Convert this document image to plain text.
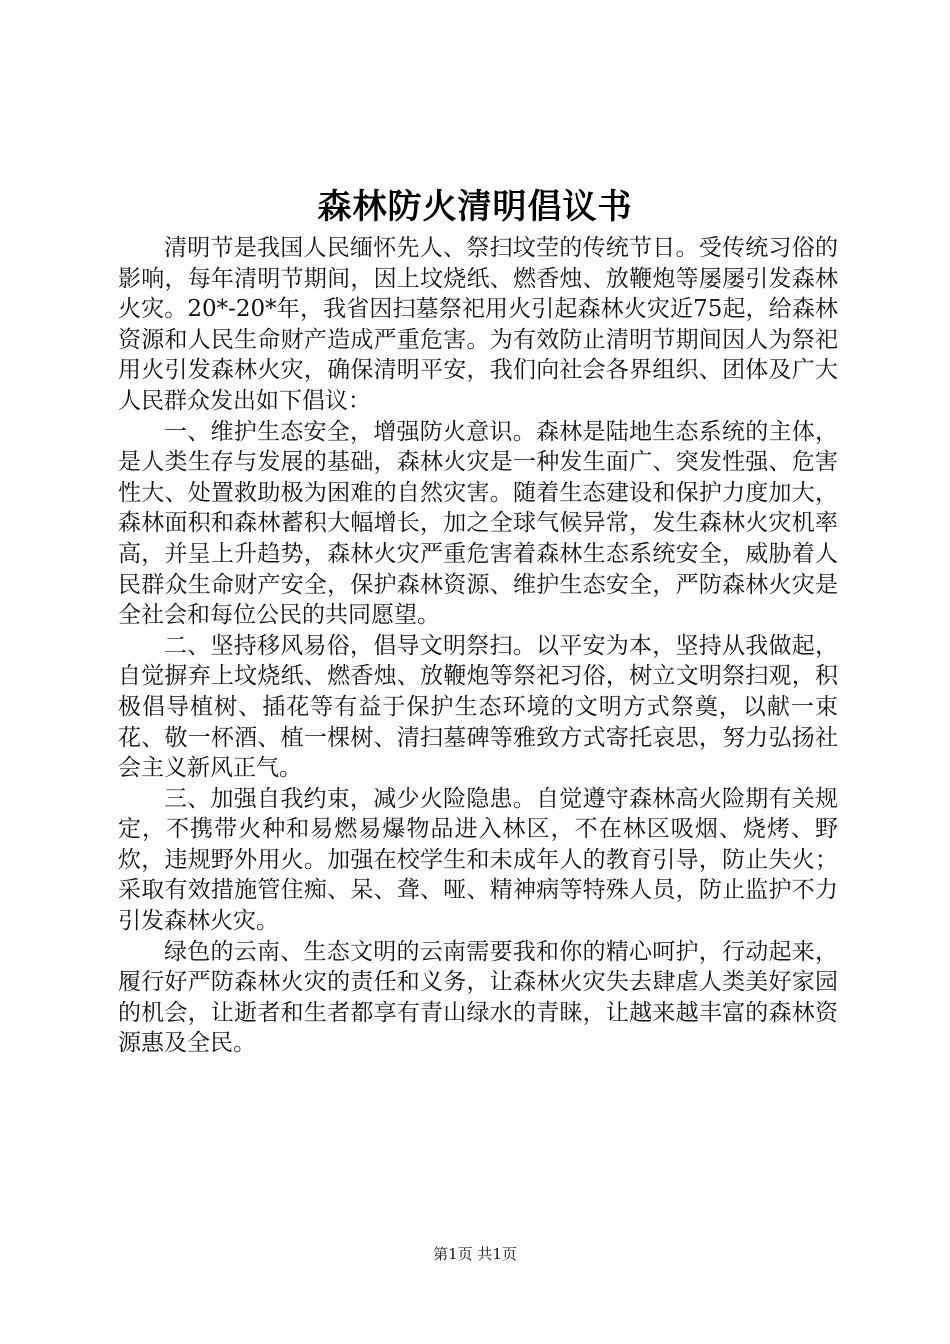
森林防火清明倡议书

清明节是我国人民缅怀先人、祭扫坟茔的传统节日。受传统习俗的影响，每年清明节期间，因上坟烧纸、燃香烛、放鞭炮等屡屡引发森林火灾。20*-20*年，我省因扫墓祭祀用火引起森林火灾近75起，给森林资源和人民生命财产造成严重危害。为有效防止清明节期间因人为祭祀用火引发森林火灾，确保清明平安，我们向社会各界组织、团体及广大人民群众发出如下倡议：

一、维护生态安全，增强防火意识。森林是陆地生态系统的主体，是人类生存与发展的基础，森林火灾是一种发生面广、突发性强、危害性大、处置救助极为困难的自然灾害。随着生态建设和保护力度加大，森林面积和森林蓄积大幅增长，加之全球气候异常，发生森林火灾机率高，并呈上升趋势，森林火灾严重危害着森林生态系统安全，威胁着人民群众生命财产安全，保护森林资源、维护生态安全，严防森林火灾是全社会和每位公民的共同愿望。

二、坚持移风易俗，倡导文明祭扫。以平安为本，坚持从我做起，自觉摒弃上坟烧纸、燃香烛、放鞭炮等祭祀习俗，树立文明祭扫观，积极倡导植树、插花等有益于保护生态环境的文明方式祭奠，以献一束花、敬一杯酒、植一棵树、清扫墓碑等雅致方式寄托哀思，努力弘扬社会主义新风正气。

三、加强自我约束，减少火险隐患。自觉遵守森林高火险期有关规定，不携带火种和易燃易爆物品进入林区，不在林区吸烟、烧烤、野炊，违规野外用火。加强在校学生和未成年人的教育引导，防止失火；采取有效措施管住痴、呆、聋、哑、精神病等特殊人员，防止监护不力引发森林火灾。

绿色的云南、生态文明的云南需要我和你的精心呵护，行动起来，履行好严防森林火灾的责任和义务，让森林火灾失去肆虐人类美好家园的机会，让逝者和生者都享有青山绿水的青睐，让越来越丰富的森林资源惠及全民。

第1页 共1页
